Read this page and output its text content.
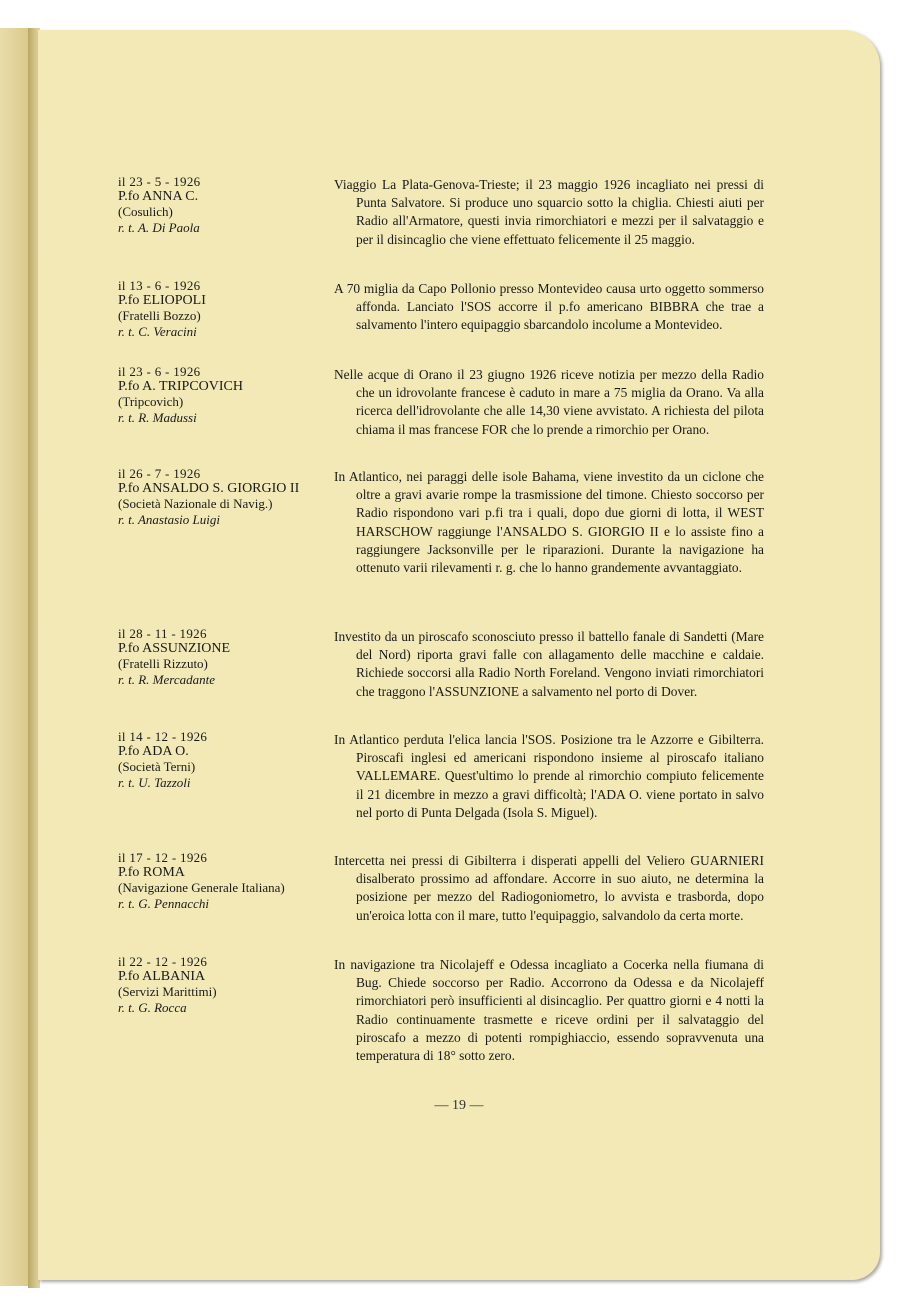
il 23 - 5 - 1926
P.fo ANNA C.
(Cosulich)
r. t. A. Di Paola
Viaggio La Plata-Genova-Trieste; il 23 maggio 1926 incagliato nei pressi di Punta Salvatore. Si produce uno squarcio sotto la chiglia. Chiesti aiuti per Radio all'Armatore, questi invia rimorchiatori e mezzi per il salvataggio e per il disincaglio che viene effettuato felicemente il 25 maggio.
il 13 - 6 - 1926
P.fo ELIOPOLI
(Fratelli Bozzo)
r. t. C. Veracini
A 70 miglia da Capo Pollonio presso Montevideo causa urto oggetto sommerso affonda. Lanciato l'SOS accorre il p.fo americano BIBBRA che trae a salvamento l'intero equipaggio sbarcandolo incolume a Montevideo.
il 23 - 6 - 1926
P.fo A. TRIPCOVICH
(Tripcovich)
r. t. R. Madussi
Nelle acque di Orano il 23 giugno 1926 riceve notizia per mezzo della Radio che un idrovolante francese è caduto in mare a 75 miglia da Orano. Va alla ricerca dell'idrovolante che alle 14,30 viene avvistato. A richiesta del pilota chiama il mas francese FOR che lo prende a rimorchio per Orano.
il 26 - 7 - 1926
P.fo ANSALDO S. GIORGIO II
(Società Nazionale di Navig.)
r. t. Anastasio Luigi
In Atlantico, nei paraggi delle isole Bahama, viene investito da un ciclone che oltre a gravi avarie rompe la trasmissione del timone. Chiesto soccorso per Radio rispondono vari p.fi tra i quali, dopo due giorni di lotta, il WEST HARSCHOW raggiunge l'ANSALDO S. GIORGIO II e lo assiste fino a raggiungere Jacksonville per le riparazioni. Durante la navigazione ha ottenuto varii rilevamenti r. g. che lo hanno grandemente avvantaggiato.
il 28 - 11 - 1926
P.fo ASSUNZIONE
(Fratelli Rizzuto)
r. t. R. Mercadante
Investito da un piroscafo sconosciuto presso il battello fanale di Sandetti (Mare del Nord) riporta gravi falle con allagamento delle macchine e caldaie. Richiede soccorsi alla Radio North Foreland. Vengono inviati rimorchiatori che traggono l'ASSUNZIONE a salvamento nel porto di Dover.
il 14 - 12 - 1926
P.fo ADA O.
(Società Terni)
r. t. U. Tazzoli
In Atlantico perduta l'elica lancia l'SOS. Posizione tra le Azzorre e Gibilterra. Piroscafi inglesi ed americani rispondono insieme al piroscafo italiano VALLEMARE. Quest'ultimo lo prende al rimorchio compiuto felicemente il 21 dicembre in mezzo a gravi difficoltà; l'ADA O. viene portato in salvo nel porto di Punta Delgada (Isola S. Miguel).
il 17 - 12 - 1926
P.fo ROMA
(Navigazione Generale Italiana)
r. t. G. Pennacchi
Intercetta nei pressi di Gibilterra i disperati appelli del Veliero GUARNIERI disalberato prossimo ad affondare. Accorre in suo aiuto, ne determina la posizione per mezzo del Radiogoniometro, lo avvista e trasborda, dopo un'eroica lotta con il mare, tutto l'equipaggio, salvandolo da certa morte.
il 22 - 12 - 1926
P.fo ALBANIA
(Servizi Marittimi)
r. t. G. Rocca
In navigazione tra Nicolajeff e Odessa incagliato a Cocerka nella fiumana di Bug. Chiede soccorso per Radio. Accorrono da Odessa e da Nicolajeff rimorchiatori però insufficienti al disincaglio. Per quattro giorni e 4 notti la Radio continuamente trasmette e riceve ordini per il salvataggio del piroscafo a mezzo di potenti rompighiaccio, essendo sopravvenuta una temperatura di 18° sotto zero.
— 19 —
